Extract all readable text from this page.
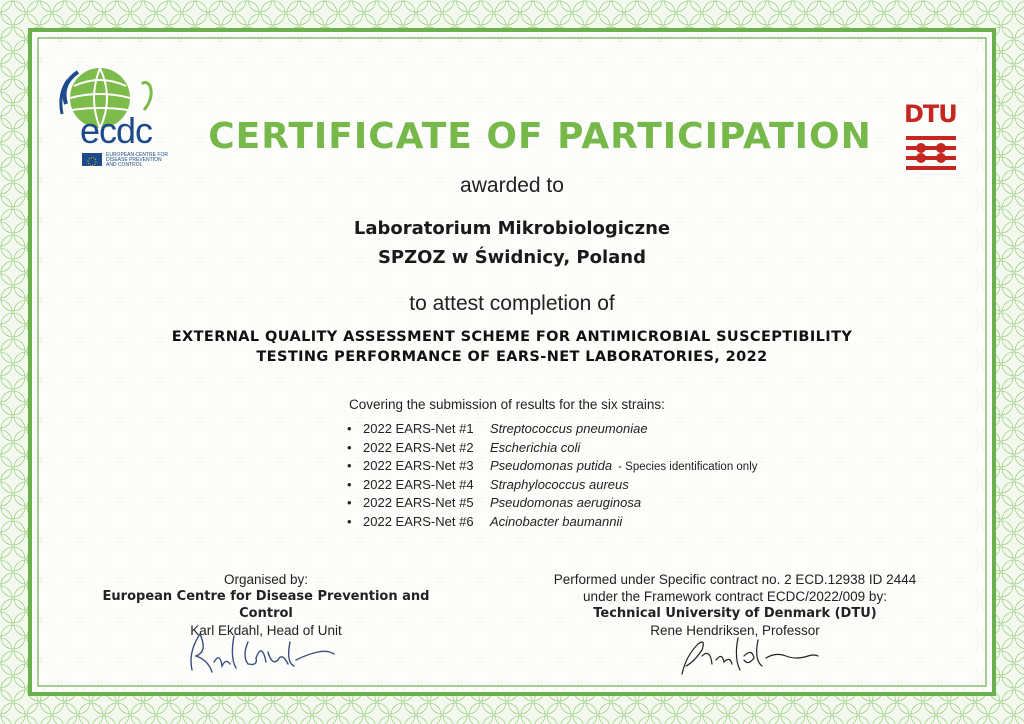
ecdc
EUROPEAN CENTRE FOR
DISEASE PREVENTION
AND CONTROL
DTU
CERTIFICATE OF PARTICIPATION
awarded to
Laboratorium Mikrobiologiczne
SPZOZ w Świdnicy, Poland
to attest completion of
EXTERNAL QUALITY ASSESSMENT SCHEME FOR ANTIMICROBIAL SUSCEPTIBILITY
TESTING PERFORMANCE OF EARS-NET LABORATORIES, 2022
Covering the submission of results for the six strains:
• 2022 EARS-Net #1 Streptococcus pneumoniae
• 2022 EARS-Net #2 Escherichia coli
• 2022 EARS-Net #3 Pseudomonas putida - Species identification only
• 2022 EARS-Net #4 Straphylococcus aureus
• 2022 EARS-Net #5 Pseudomonas aeruginosa
• 2022 EARS-Net #6 Acinobacter baumannii
Organised by:
European Centre for Disease Prevention and Control
Karl Ekdahl, Head of Unit
Performed under Specific contract no. 2 ECD.12938 ID 2444
under the Framework contract ECDC/2022/009 by:
Technical University of Denmark (DTU)
Rene Hendriksen, Professor
